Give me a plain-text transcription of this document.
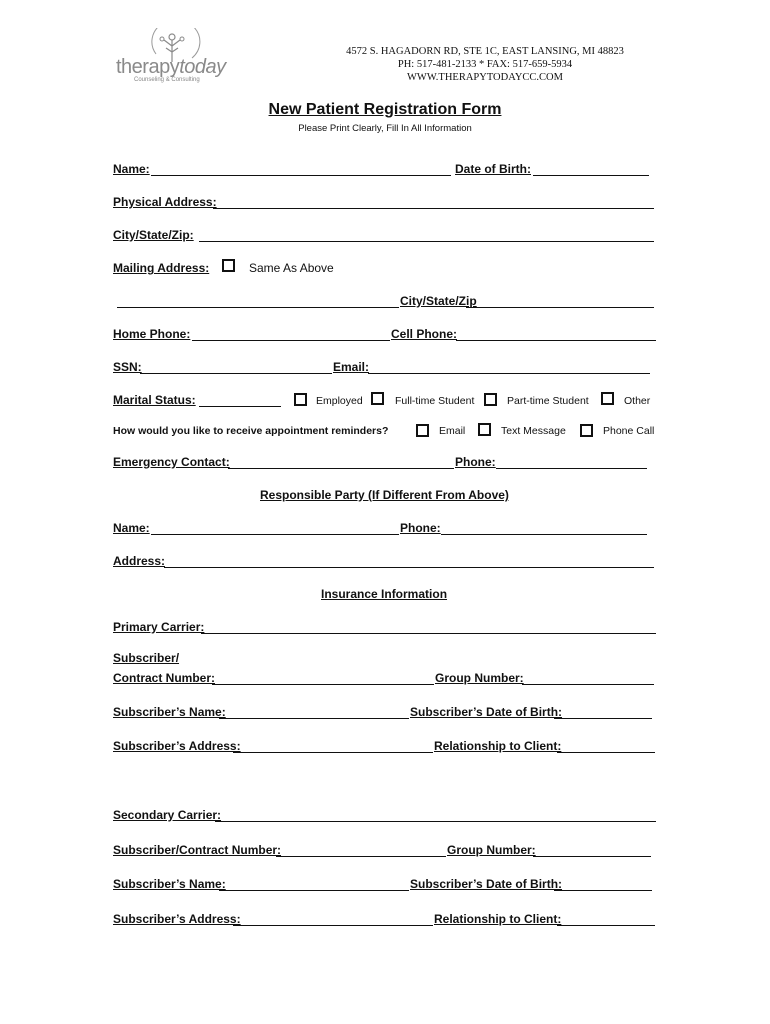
therapytoday
Counseling & Consulting
4572 S. HAGADORN RD, STE 1C, EAST LANSING, MI 48823
PH: 517-481-2133 * FAX: 517-659-5934
WWW.THERAPYTODAYCC.COM
New Patient Registration Form
Please Print Clearly, Fill In All Information
Name:	Date of Birth:
Physical Address:
City/State/Zip:
Mailing Address:	Same As Above
City/State/Zip
Home Phone:	Cell Phone:
SSN:	Email:
Marital Status:	Employed	Full-time Student	Part-time Student	Other
How would you like to receive appointment reminders?	Email	Text Message	Phone Call
Emergency Contact:	Phone:
Responsible Party (If Different From Above)
Name:	Phone:
Address:
Insurance Information
Primary Carrier:
Subscriber/
Contract Number:	Group Number:
Subscriber’s Name:	Subscriber’s Date of Birth:
Subscriber’s Address:	Relationship to Client:
Secondary Carrier:
Subscriber/Contract Number:	Group Number:
Subscriber’s Name:	Subscriber’s Date of Birth:
Subscriber’s Address:	Relationship to Client:
